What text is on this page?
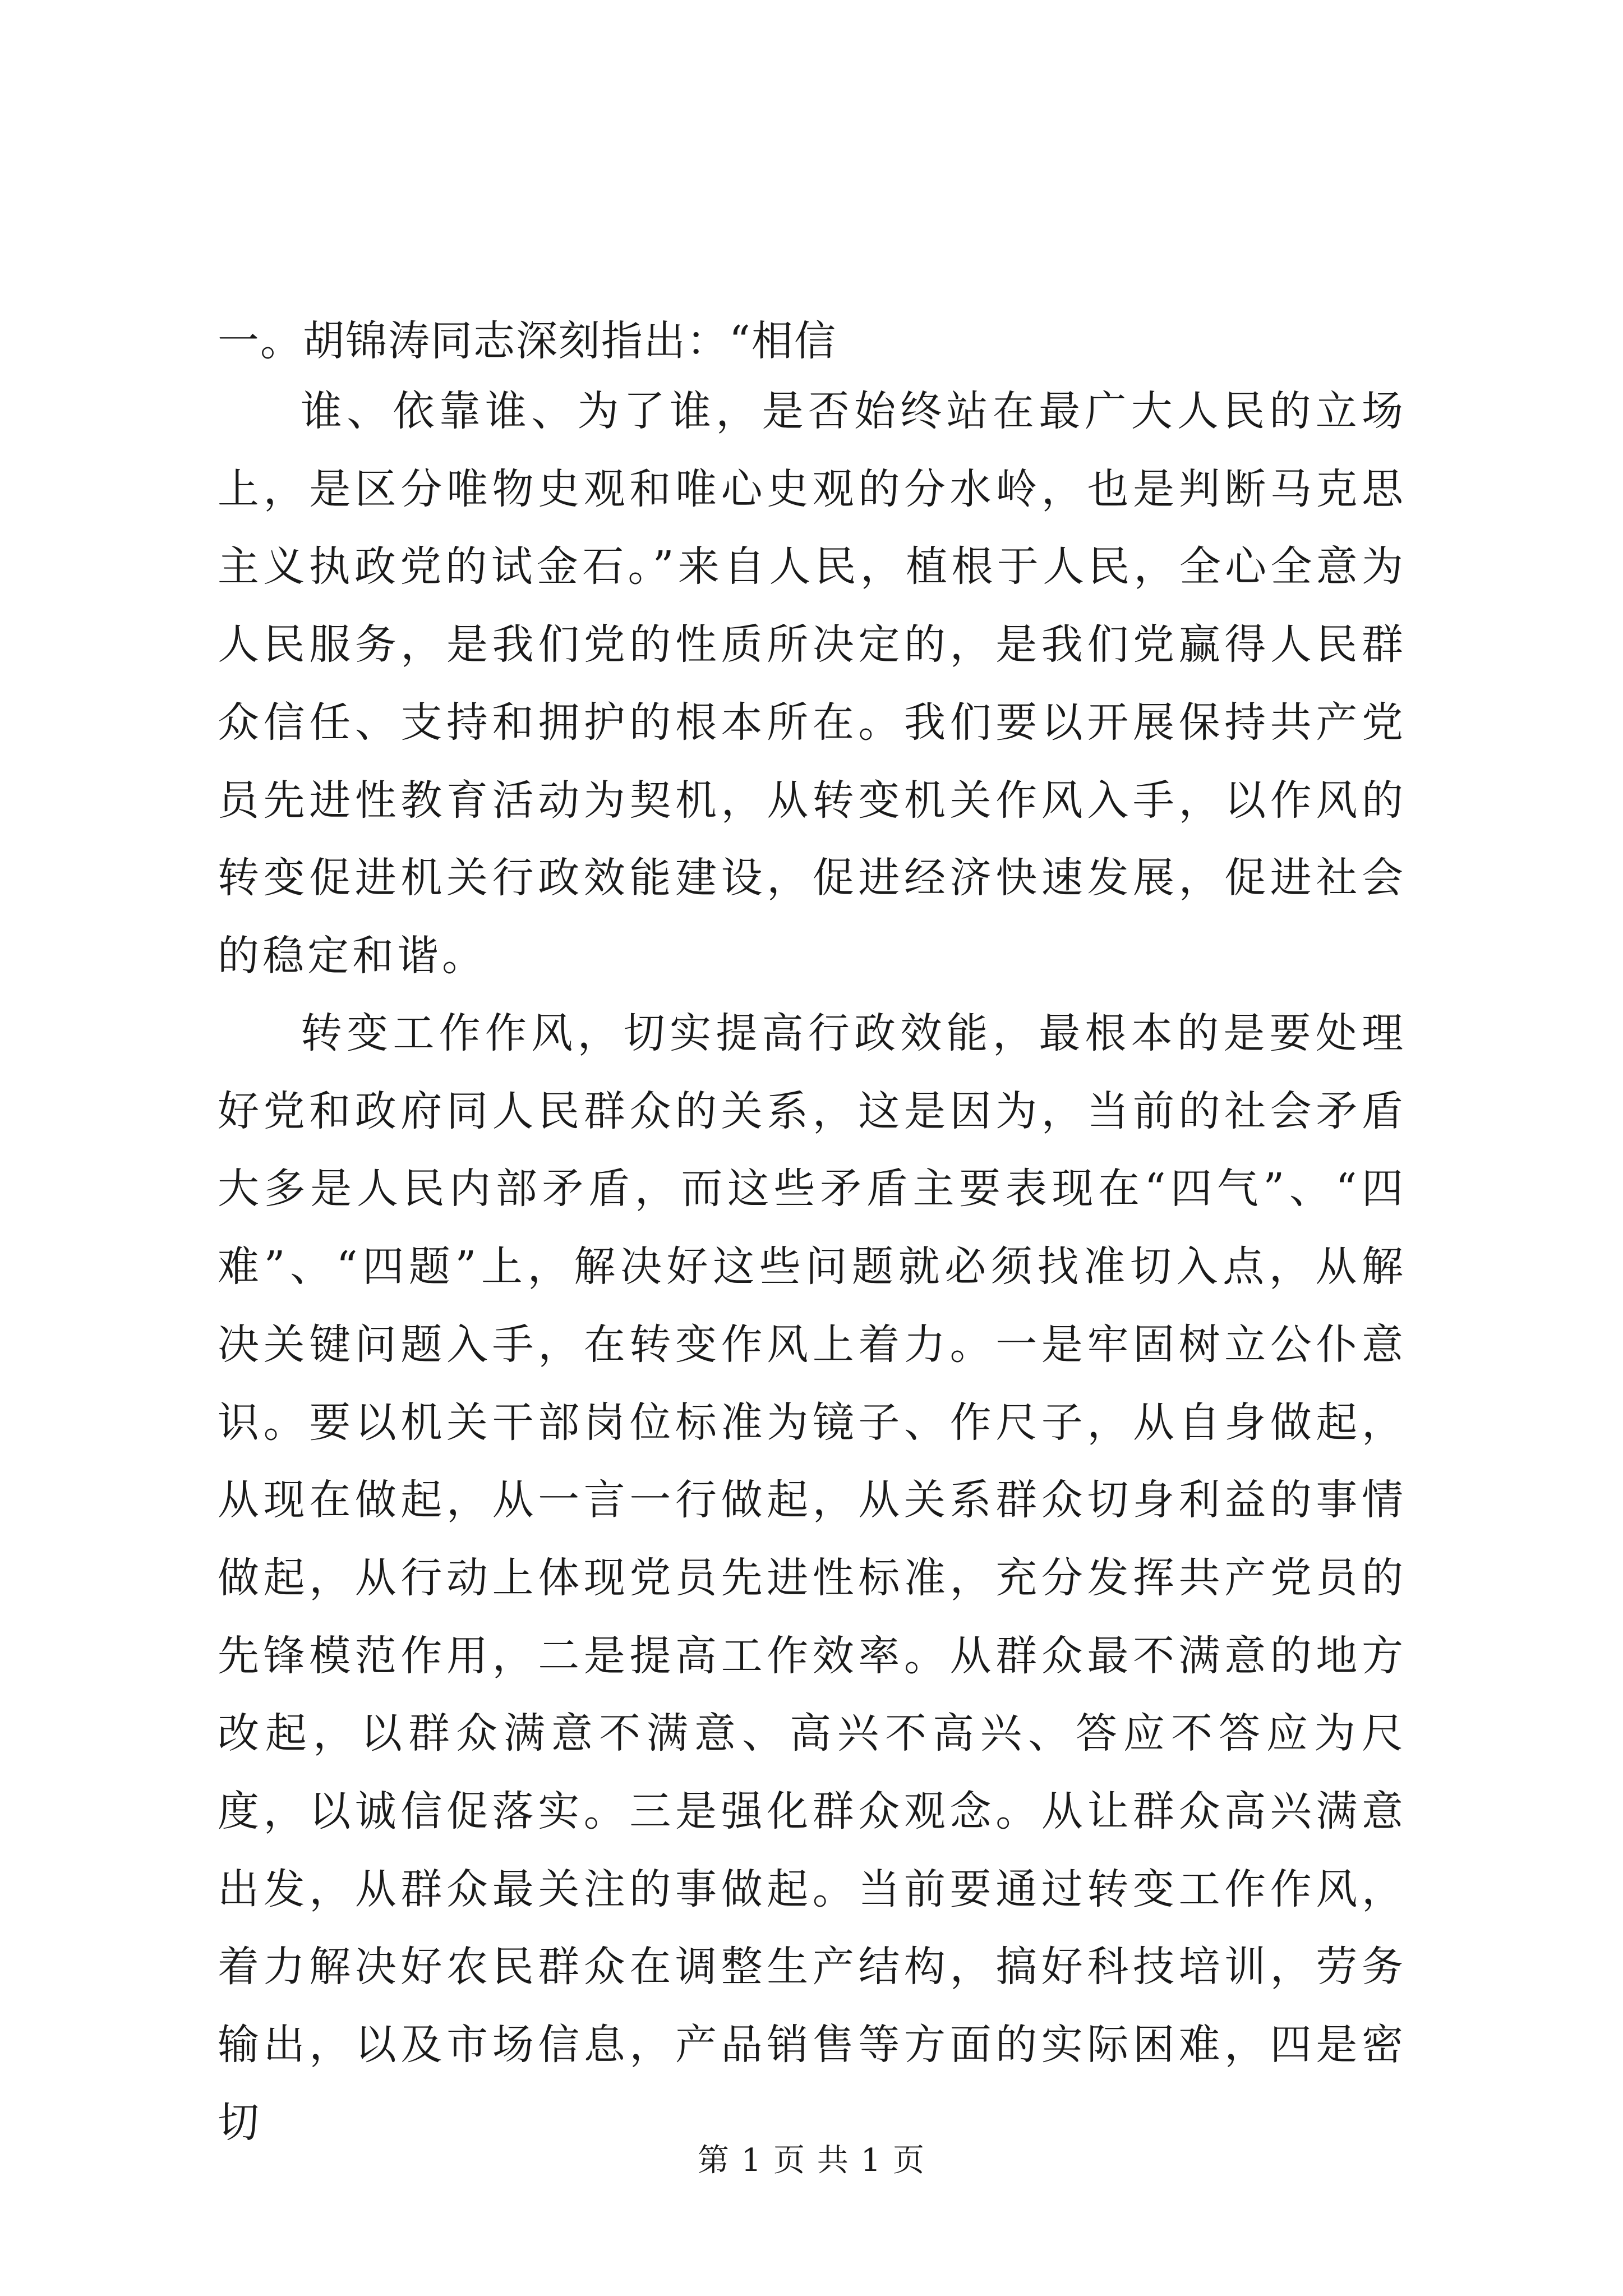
一。胡锦涛同志深刻指出：“相信

谁、依靠谁、为了谁，是否始终站在最广大人民的立场上，是区分唯物史观和唯心史观的分水岭，也是判断马克思主义执政党的试金石。”来自人民，植根于人民，全心全意为人民服务，是我们党的性质所决定的，是我们党赢得人民群众信任、支持和拥护的根本所在。我们要以开展保持共产党员先进性教育活动为契机，从转变机关作风入手，以作风的转变促进机关行政效能建设，促进经济快速发展，促进社会的稳定和谐。

转变工作作风，切实提高行政效能，最根本的是要处理好党和政府同人民群众的关系，这是因为，当前的社会矛盾大多是人民内部矛盾，而这些矛盾主要表现在“四气”、“四难”、“四题”上，解决好这些问题就必须找准切入点，从解决关键问题入手，在转变作风上着力。一是牢固树立公仆意识。要以机关干部岗位标准为镜子、作尺子，从自身做起，从现在做起，从一言一行做起，从关系群众切身利益的事情做起，从行动上体现党员先进性标准，充分发挥共产党员的先锋模范作用，二是提高工作效率。从群众最不满意的地方改起，以群众满意不满意、高兴不高兴、答应不答应为尺度，以诚信促落实。三是强化群众观念。从让群众高兴满意出发，从群众最关注的事做起。当前要通过转变工作作风，着力解决好农民群众在调整生产结构，搞好科技培训，劳务输出，以及市场信息，产品销售等方面的实际困难，四是密切

第 1 页 共 1 页
